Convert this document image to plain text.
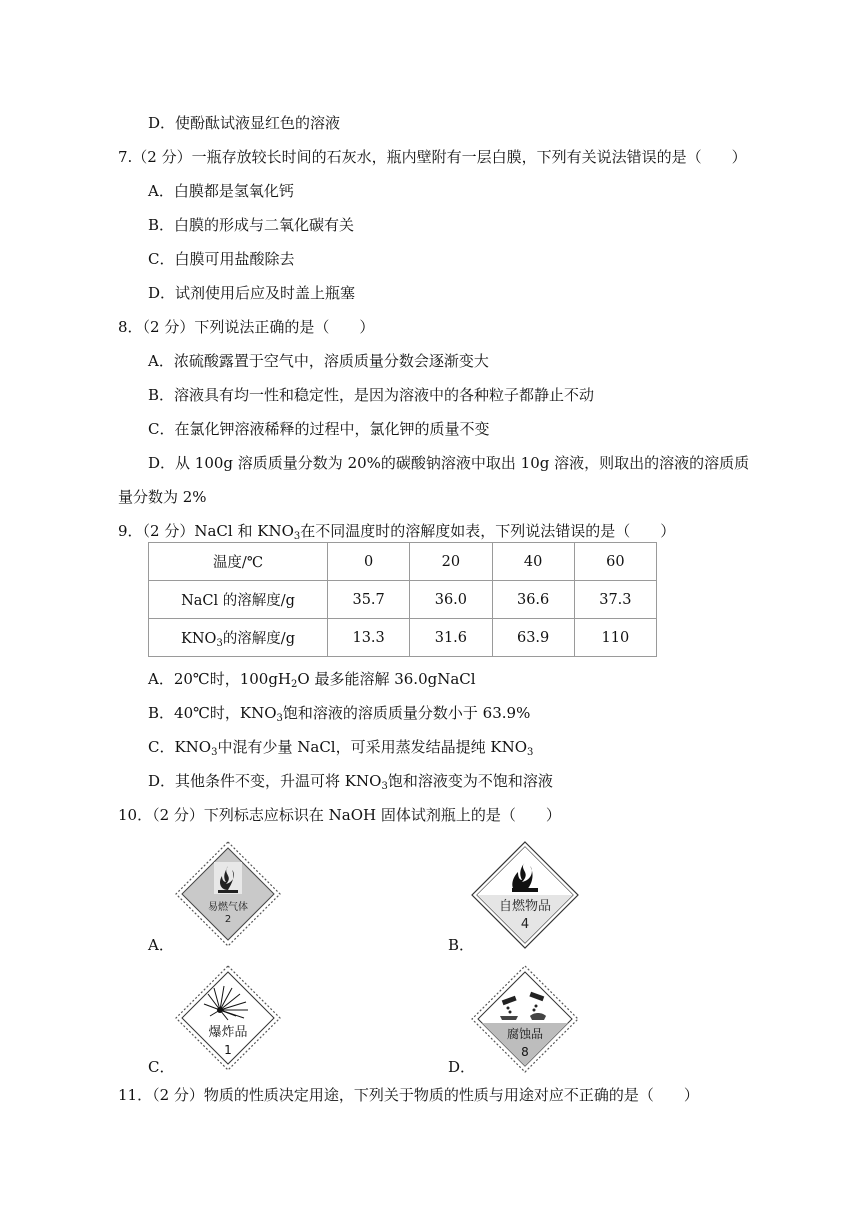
D．使酚酞试液显红色的溶液
7.（2 分）一瓶存放较长时间的石灰水，瓶内壁附有一层白膜，下列有关说法错误的是（　　）
A．白膜都是氢氧化钙
B．白膜的形成与二氧化碳有关
C．白膜可用盐酸除去
D．试剂使用后应及时盖上瓶塞
8．（2 分）下列说法正确的是（　　）
A．浓硫酸露置于空气中，溶质质量分数会逐渐变大
B．溶液具有均一性和稳定性，是因为溶液中的各种粒子都静止不动
C．在氯化钾溶液稀释的过程中，氯化钾的质量不变
D．从 100g 溶质质量分数为 20%的碳酸钠溶液中取出 10g 溶液，则取出的溶液的溶质质
量分数为 2%
9．（2 分）NaCl 和 $KNO_3$在不同温度时的溶解度如表，下列说法错误的是（　　）
温度/℃	0	20	40	60
NaCl 的溶解度/g	35.7	36.0	36.6	37.3
$KNO_3$的溶解度/g	13.3	31.6	63.9	110
A．20℃时，$100gH_2O$ 最多能溶解 36.0gNaCl
B．40℃时，$KNO_3$饱和溶液的溶质质量分数小于 63.9%
C．$KNO_3$中混有少量 NaCl，可采用蒸发结晶提纯 $KNO_3$
D．其他条件不变，升温可将 $KNO_3$饱和溶液变为不饱和溶液
10．（2 分）下列标志应标识在 NaOH 固体试剂瓶上的是（　　）
A．
易燃气体
2
B．
自燃物品
4
C．
爆炸品
1
D．
腐蚀品
8
11．（2 分）物质的性质决定用途，下列关于物质的性质与用途对应不正确的是（　　）
